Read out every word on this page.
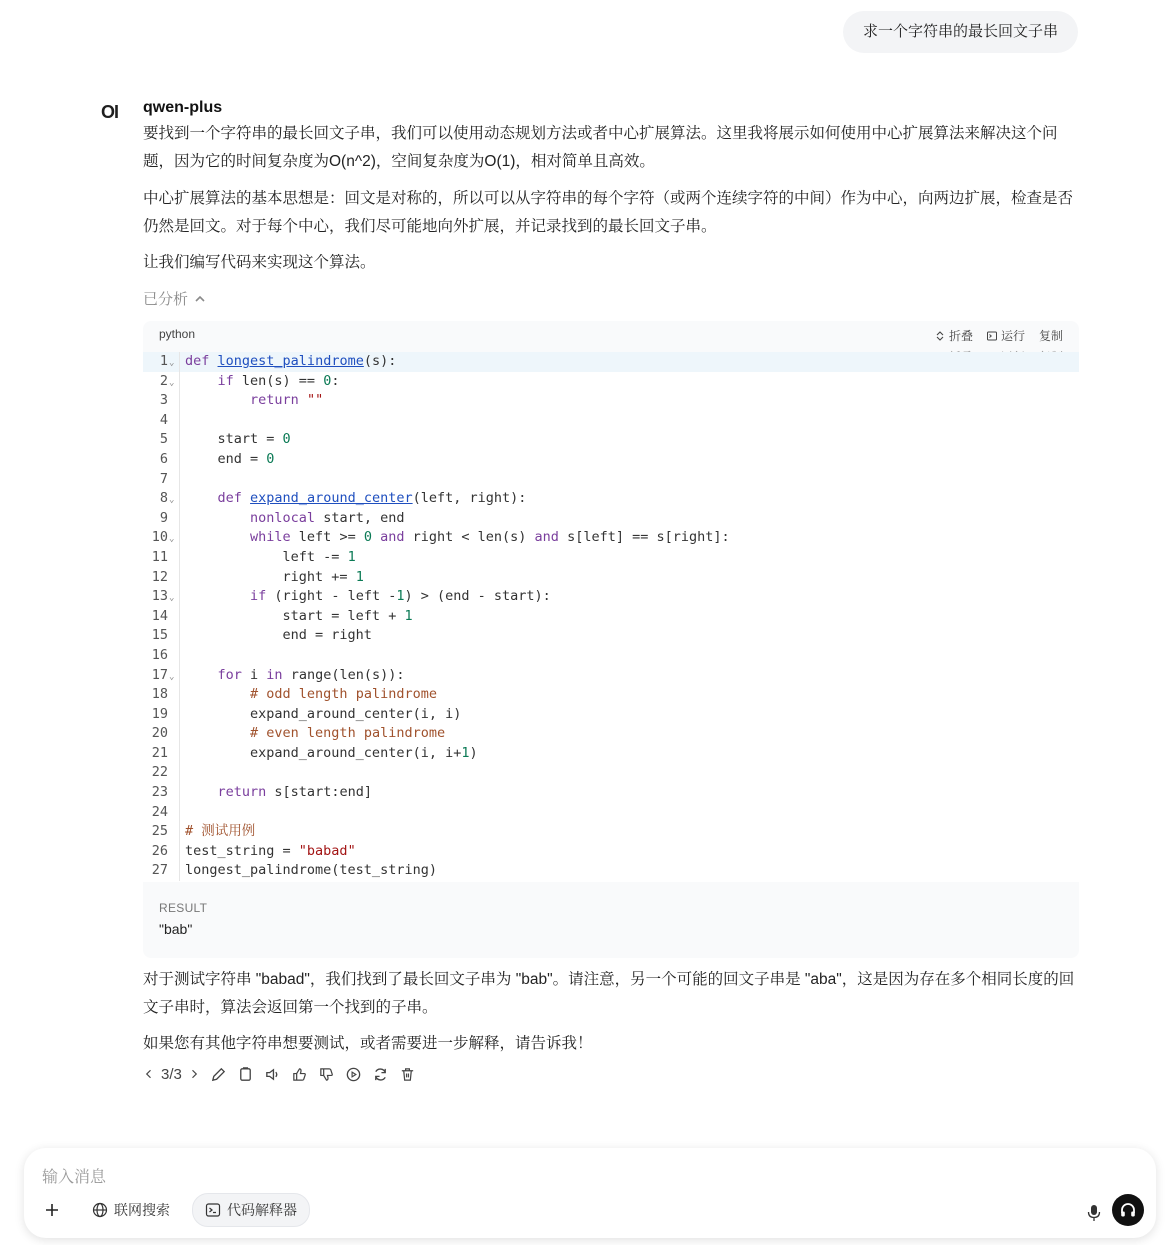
求一个字符串的最长回文子串
OI qwen-plus
要找到一个字符串的最长回文子串，我们可以使用动态规划方法或者中心扩展算法。这里我将展示如何使用中心扩展算法来解决这个问题，因为它的时间复杂度为O(n^2)，空间复杂度为O(1)，相对简单且高效。
中心扩展算法的基本思想是：回文是对称的，所以可以从字符串的每个字符（或两个连续字符的中间）作为中心，向两边扩展，检查是否仍然是回文。对于每个中心，我们尽可能地向外扩展，并记录找到的最长回文子串。
让我们编写代码来实现这个算法。
已分析
python	折叠 运行 复制
1⌄ def longest_palindrome(s):
2⌄	if len(s) == 0:
3	return ""
4
5	start = 0
6	end = 0
7
8⌄	def expand_around_center(left, right):
9	nonlocal start, end
10⌄	while left >= 0 and right < len(s) and s[left] == s[right]:
11	left -= 1
12	right += 1
13⌄	if (right - left -1) > (end - start):
14	start = left + 1
15	end = right
16
17⌄	for i in range(len(s)):
18	# odd length palindrome
19	expand_around_center(i, i)
20	# even length palindrome
21	expand_around_center(i, i+1)
22
23	return s[start:end]
24
25	# 测试用例
26	test_string = "babad"
27	longest_palindrome(test_string)
RESULT
"bab"
对于测试字符串 "babad"，我们找到了最长回文子串为 "bab"。请注意，另一个可能的回文子串是 "aba"，这是因为存在多个相同长度的回文子串时，算法会返回第一个找到的子串。
如果您有其他字符串想要测试，或者需要进一步解释，请告诉我！
3/3
输入消息
联网搜索	代码解释器
